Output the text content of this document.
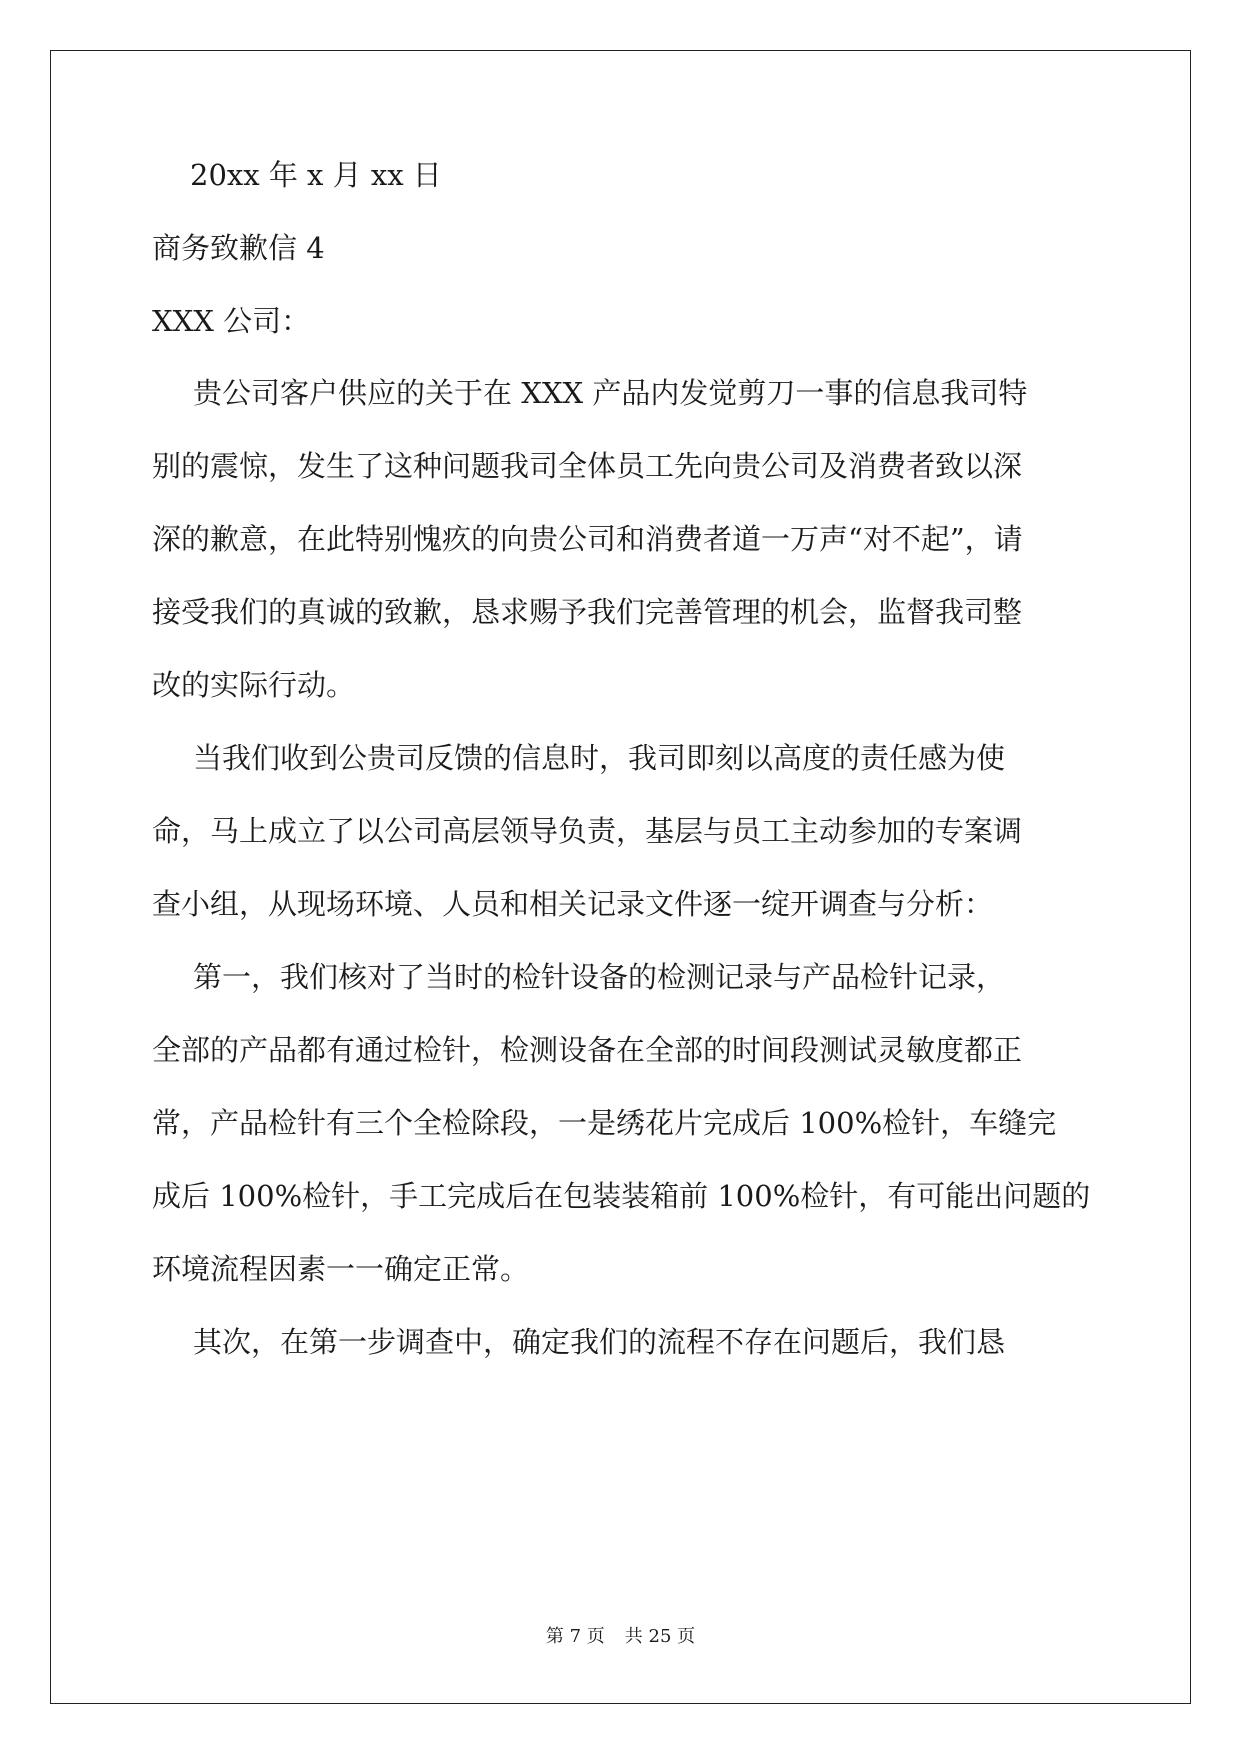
20xx 年 x 月 xx 日

商务致歉信 4

XXX 公司：

贵公司客户供应的关于在 XXX 产品内发觉剪刀一事的信息我司特

别的震惊，发生了这种问题我司全体员工先向贵公司及消费者致以深

深的歉意，在此特别愧疚的向贵公司和消费者道一万声“对不起”，请

接受我们的真诚的致歉，恳求赐予我们完善管理的机会，监督我司整

改的实际行动。

当我们收到公贵司反馈的信息时，我司即刻以高度的责任感为使

命，马上成立了以公司高层领导负责，基层与员工主动参加的专案调

查小组，从现场环境、人员和相关记录文件逐一绽开调查与分析：

第一，我们核对了当时的检针设备的检测记录与产品检针记录，

全部的产品都有通过检针，检测设备在全部的时间段测试灵敏度都正

常，产品检针有三个全检除段，一是绣花片完成后 100%检针，车缝完

成后 100%检针，手工完成后在包装装箱前 100%检针，有可能出问题的

环境流程因素一一确定正常。

其次，在第一步调查中，确定我们的流程不存在问题后，我们恳

第 7 页 共 25 页
